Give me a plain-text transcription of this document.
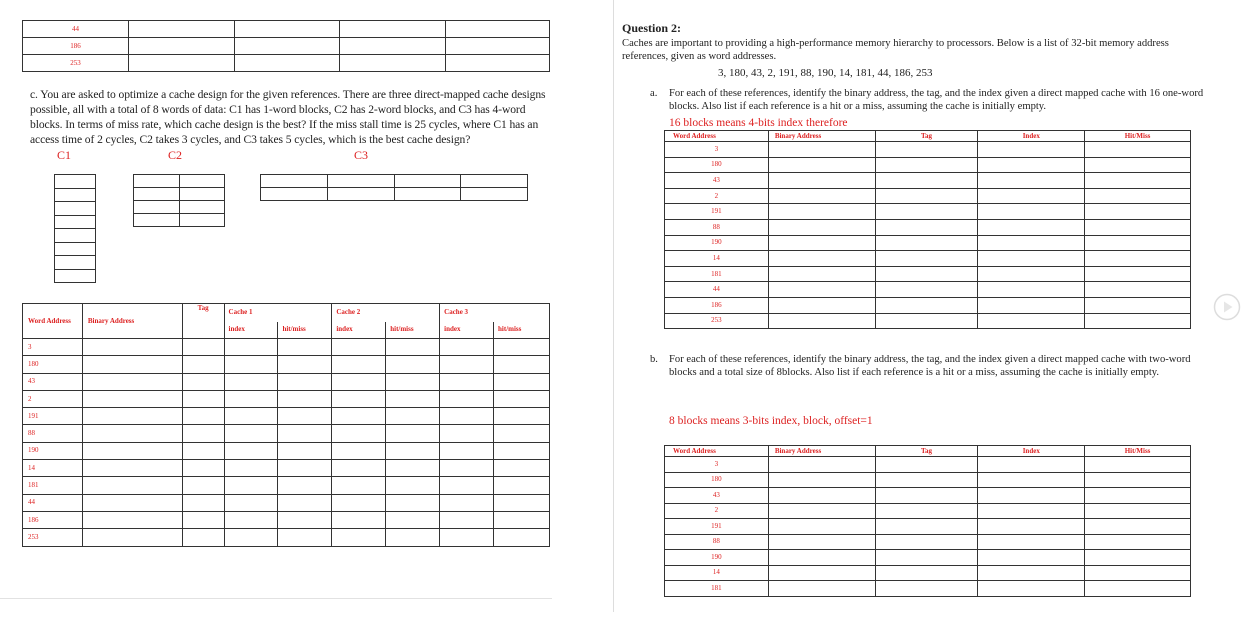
44				
186				
253				
c. You are asked to optimize a cache design for the given references. There are three direct-mapped cache designs possible, all with a total of 8 words of data: C1 has 1-word blocks, C2 has 2-word blocks, and C3 has 4-word blocks. In terms of miss rate, which cache design is the best? If the miss stall time is 25 cycles, where C1 has an access time of 2 cycles, C2 takes 3 cycles, and C3 takes 5 cycles, which is the best cache design?
C1	C2	C3

Word Address	Binary Address	Tag	Cache 1		Cache 2		Cache 3	
			index	hit/miss	index	hit/miss	index	hit/miss
3								
180								
43								
2								
191								
88								
190								
14								
181								
44								
186								
253								
Question 2:
Caches are important to providing a high-performance memory hierarchy to processors. Below is a list of 32-bit memory address references, given as word addresses.
3, 180, 43, 2, 191, 88, 190, 14, 181, 44, 186, 253
a. For each of these references, identify the binary address, the tag, and the index given a direct mapped cache with 16 one-word blocks. Also list if each reference is a hit or a miss, assuming the cache is initially empty.
16 blocks means 4-bits index therefore
Word Address	Binary Address	Tag	Index	Hit/Miss
3				
180				
43				
2				
191				
88				
190				
14				
181				
44				
186				
253				
b. For each of these references, identify the binary address, the tag, and the index given a direct mapped cache with two-word blocks and a total size of 8blocks. Also list if each reference is a hit or a miss, assuming the cache is initially empty.
8 blocks means 3-bits index, block, offset=1
Word Address	Binary Address	Tag	Index	Hit/Miss
3				
180				
43				
2				
191				
88				
190				
14				
181				
